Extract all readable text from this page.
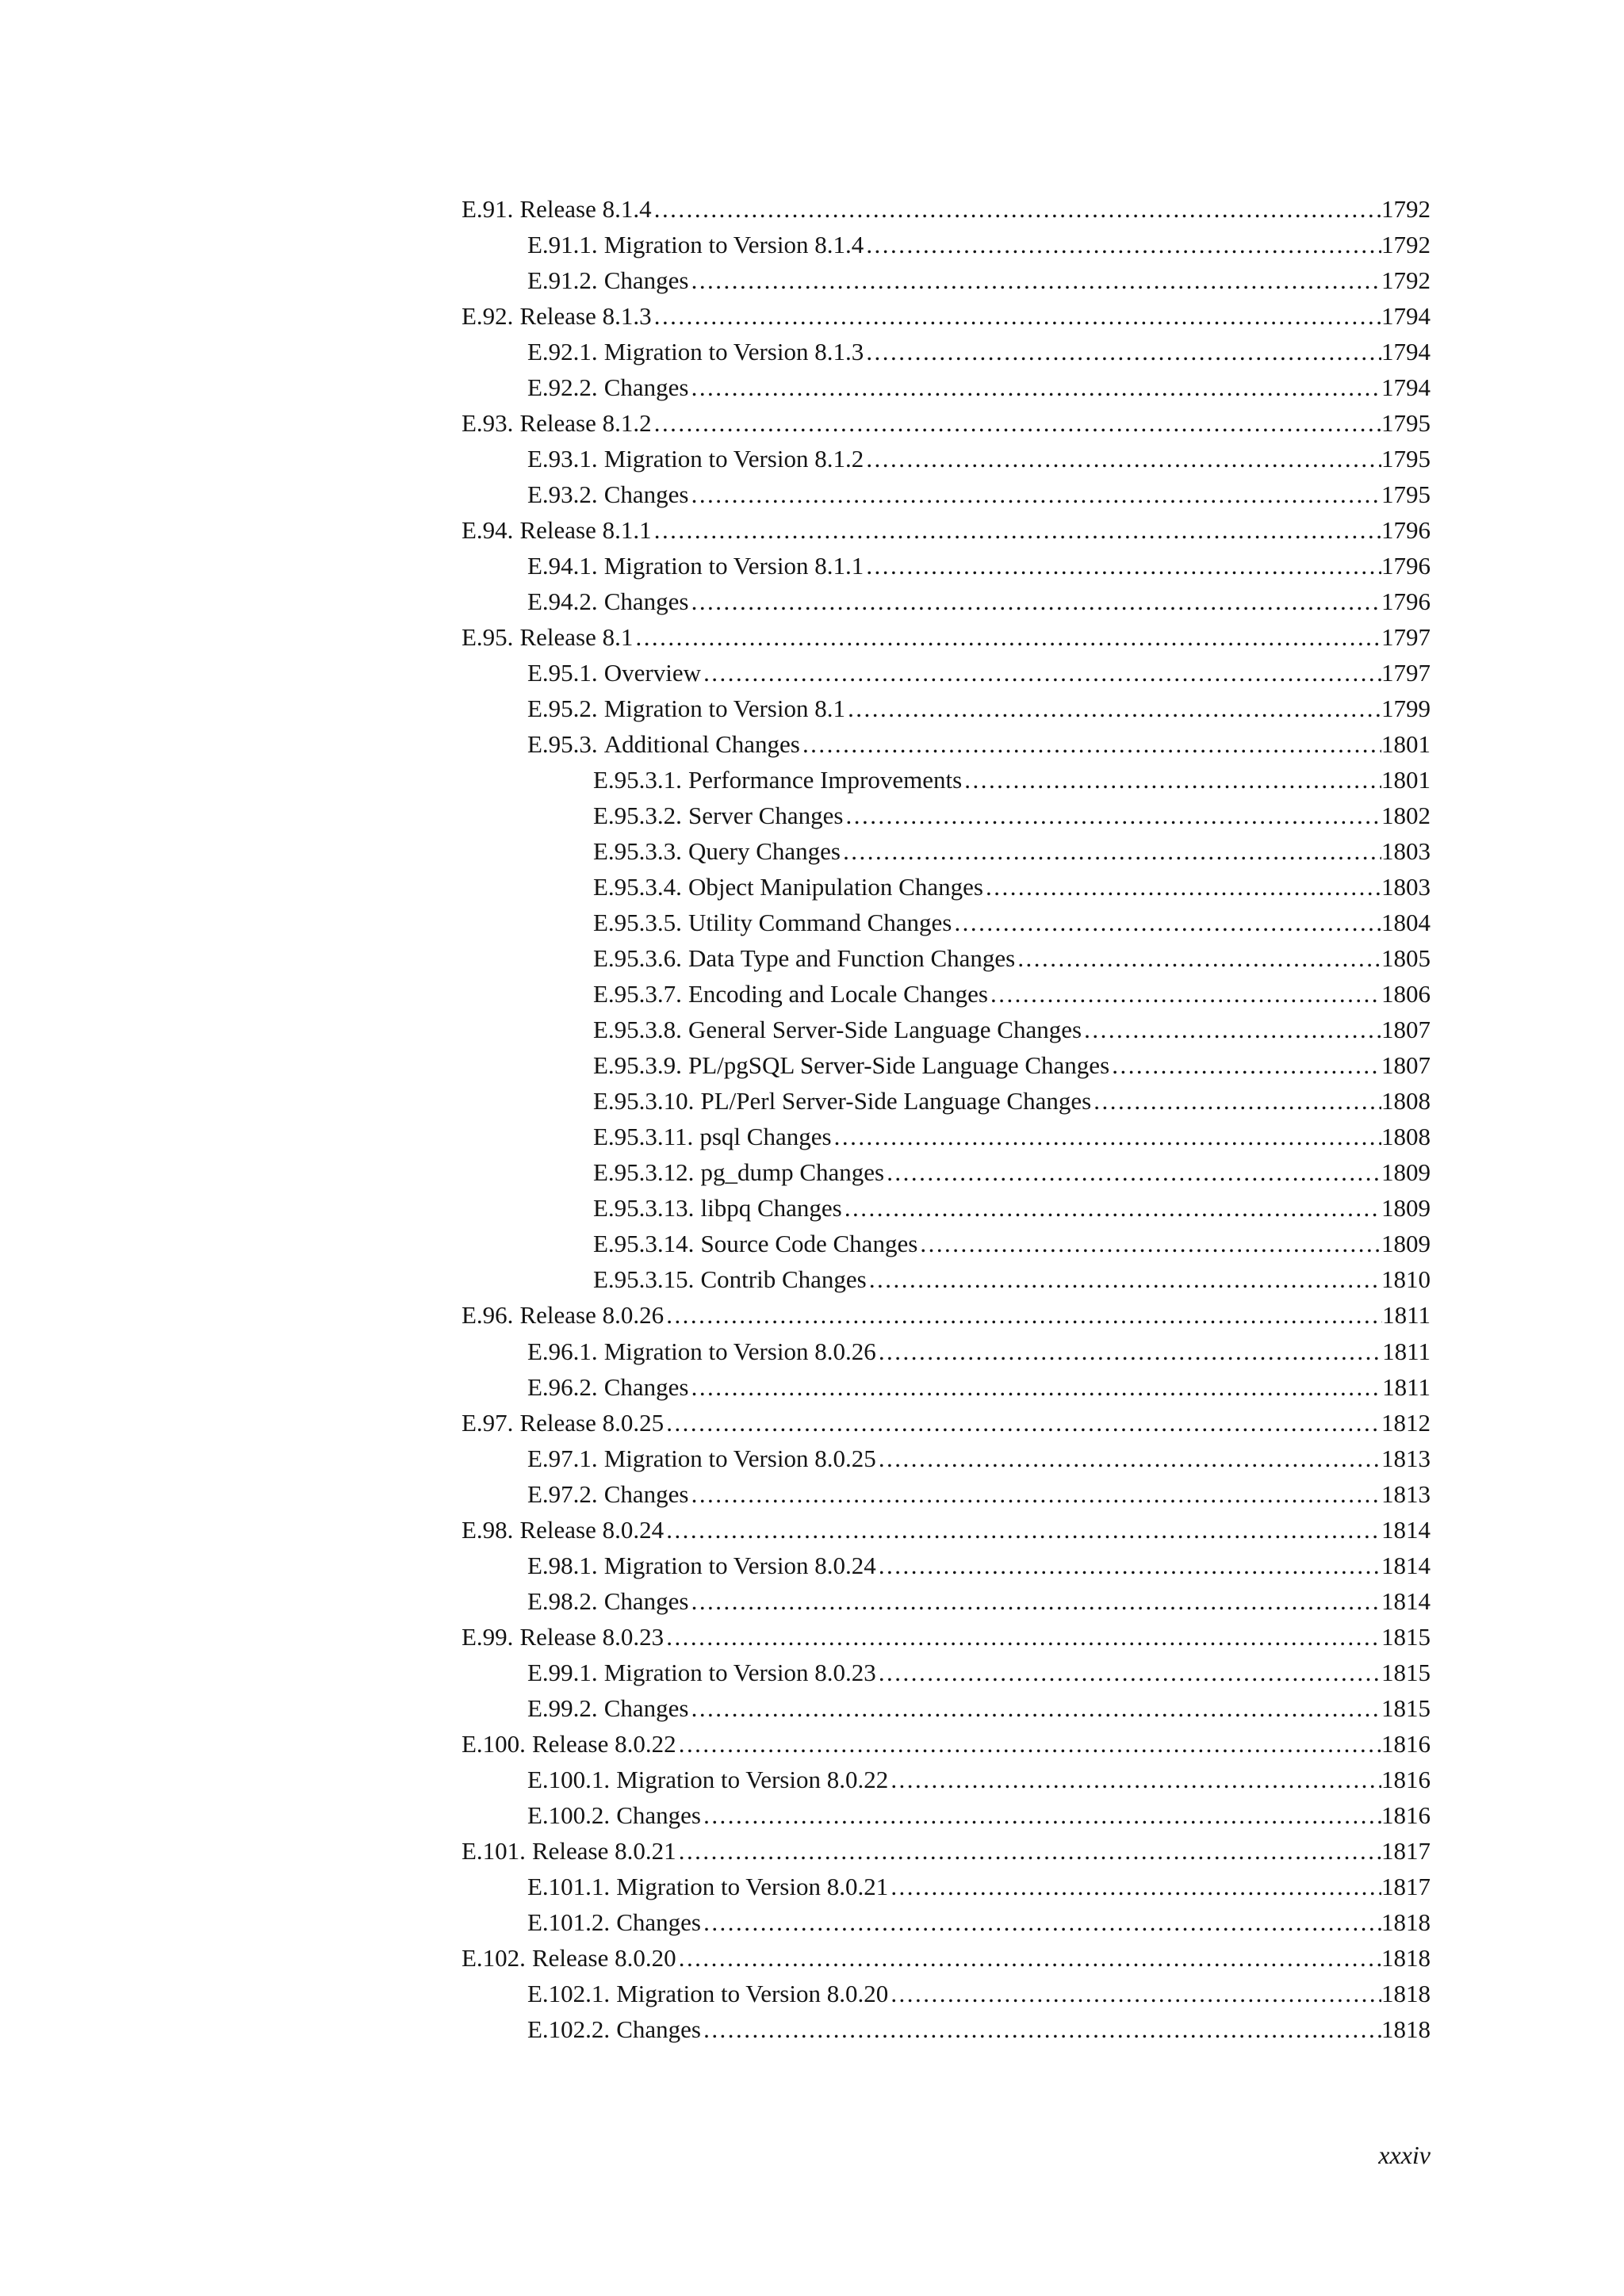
E.91. Release 8.1.4 .....	1792
E.91.1. Migration to Version 8.1.4 .....	1792
E.91.2. Changes .....	1792
E.92. Release 8.1.3 .....	1794
E.92.1. Migration to Version 8.1.3 .....	1794
E.92.2. Changes .....	1794
E.93. Release 8.1.2 .....	1795
E.93.1. Migration to Version 8.1.2 .....	1795
E.93.2. Changes .....	1795
E.94. Release 8.1.1 .....	1796
E.94.1. Migration to Version 8.1.1 .....	1796
E.94.2. Changes .....	1796
E.95. Release 8.1 .....	1797
E.95.1. Overview .....	1797
E.95.2. Migration to Version 8.1 .....	1799
E.95.3. Additional Changes .....	1801
E.95.3.1. Performance Improvements .....	1801
E.95.3.2. Server Changes .....	1802
E.95.3.3. Query Changes .....	1803
E.95.3.4. Object Manipulation Changes .....	1803
E.95.3.5. Utility Command Changes .....	1804
E.95.3.6. Data Type and Function Changes .....	1805
E.95.3.7. Encoding and Locale Changes .....	1806
E.95.3.8. General Server-Side Language Changes .....	1807
E.95.3.9. PL/pgSQL Server-Side Language Changes .....	1807
E.95.3.10. PL/Perl Server-Side Language Changes .....	1808
E.95.3.11. psql Changes .....	1808
E.95.3.12. pg_dump Changes .....	1809
E.95.3.13. libpq Changes .....	1809
E.95.3.14. Source Code Changes .....	1809
E.95.3.15. Contrib Changes .....	1810
E.96. Release 8.0.26 .....	1811
E.96.1. Migration to Version 8.0.26 .....	1811
E.96.2. Changes .....	1811
E.97. Release 8.0.25 .....	1812
E.97.1. Migration to Version 8.0.25 .....	1813
E.97.2. Changes .....	1813
E.98. Release 8.0.24 .....	1814
E.98.1. Migration to Version 8.0.24 .....	1814
E.98.2. Changes .....	1814
E.99. Release 8.0.23 .....	1815
E.99.1. Migration to Version 8.0.23 .....	1815
E.99.2. Changes .....	1815
E.100. Release 8.0.22 .....	1816
E.100.1. Migration to Version 8.0.22 .....	1816
E.100.2. Changes .....	1816
E.101. Release 8.0.21 .....	1817
E.101.1. Migration to Version 8.0.21 .....	1817
E.101.2. Changes .....	1818
E.102. Release 8.0.20 .....	1818
E.102.1. Migration to Version 8.0.20 .....	1818
E.102.2. Changes .....	1818
xxxiv
